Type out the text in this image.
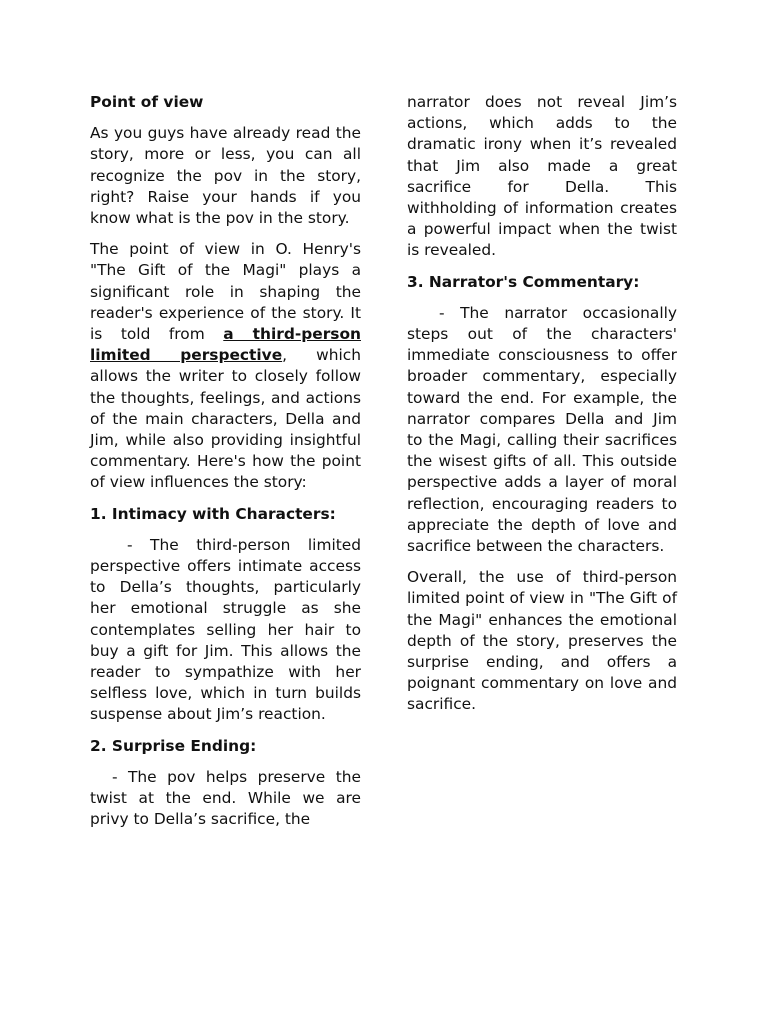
Point of view

As you guys have already read the story, more or less, you can all recognize the pov in the story, right? Raise your hands if you know what is the pov in the story.

The point of view in O. Henry's "The Gift of the Magi" plays a significant role in shaping the reader's experience of the story. It is told from a third-person limited perspective, which allows the writer to closely follow the thoughts, feelings, and actions of the main characters, Della and Jim, while also providing insightful commentary. Here's how the point of view influences the story:

1. Intimacy with Characters:

- The third-person limited perspective offers intimate access to Della’s thoughts, particularly her emotional struggle as she contemplates selling her hair to buy a gift for Jim. This allows the reader to sympathize with her selfless love, which in turn builds suspense about Jim’s reaction.

2. Surprise Ending:

- The pov helps preserve the twist at the end. While we are privy to Della’s sacrifice, the

narrator does not reveal Jim’s actions, which adds to the dramatic irony when it’s revealed that Jim also made a great sacrifice for Della. This withholding of information creates a powerful impact when the twist is revealed.

3. Narrator's Commentary:

- The narrator occasionally steps out of the characters' immediate consciousness to offer broader commentary, especially toward the end. For example, the narrator compares Della and Jim to the Magi, calling their sacrifices the wisest gifts of all. This outside perspective adds a layer of moral reflection, encouraging readers to appreciate the depth of love and sacrifice between the characters.

Overall, the use of third-person limited point of view in "The Gift of the Magi" enhances the emotional depth of the story, preserves the surprise ending, and offers a poignant commentary on love and sacrifice.
